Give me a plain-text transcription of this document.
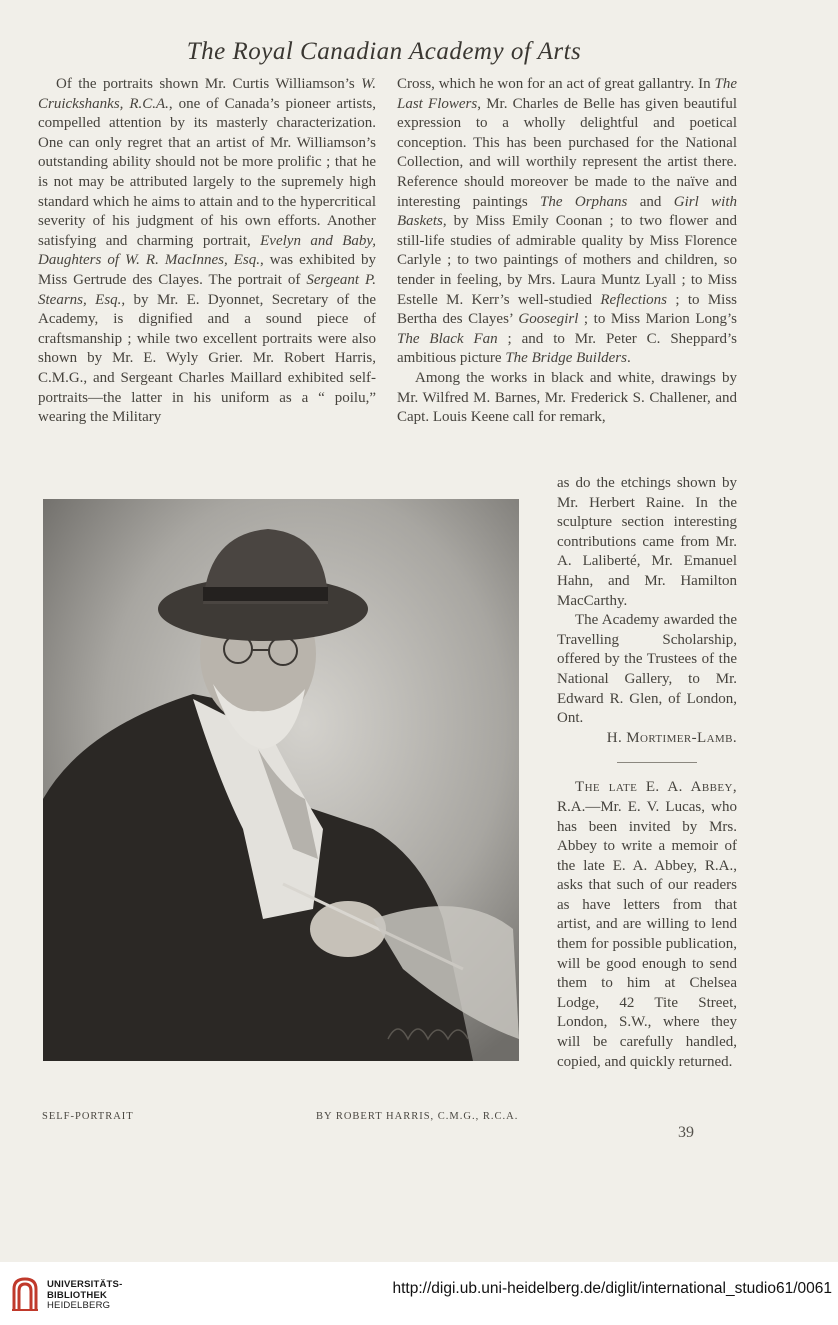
The Royal Canadian Academy of Arts

Of the portraits shown Mr. Curtis Williamson’s W. Cruickshanks, R.C.A., one of Canada’s pioneer artists, compelled attention by its masterly characterization. One can only regret that an artist of Mr. Williamson’s outstanding ability should not be more prolific ; that he is not may be attributed largely to the supremely high standard which he aims to attain and to the hypercritical severity of his judgment of his own efforts. Another satisfying and charming portrait, Evelyn and Baby, Daughters of W. R. MacInnes, Esq., was exhibited by Miss Gertrude des Clayes. The portrait of Sergeant P. Stearns, Esq., by Mr. E. Dyonnet, Secretary of the Academy, is dignified and a sound piece of craftsmanship ; while two excellent portraits were also shown by Mr. E. Wyly Grier. Mr. Robert Harris, C.M.G., and Sergeant Charles Maillard exhibited self-portraits—the latter in his uniform as a “ poilu,” wearing the Military

Cross, which he won for an act of great gallantry. In The Last Flowers, Mr. Charles de Belle has given beautiful expression to a wholly delightful and poetical conception. This has been purchased for the National Collection, and will worthily represent the artist there. Reference should moreover be made to the naïve and interesting paintings The Orphans and Girl with Baskets, by Miss Emily Coonan ; to two flower and still-life studies of admirable quality by Miss Florence Carlyle ; to two paintings of mothers and children, so tender in feeling, by Mrs. Laura Muntz Lyall ; to Miss Estelle M. Kerr’s well-studied Reflections ; to Miss Bertha des Clayes’ Goosegirl ; to Miss Marion Long’s The Black Fan ; and to Mr. Peter C. Sheppard’s ambitious picture The Bridge Builders.

Among the works in black and white, drawings by Mr. Wilfred M. Barnes, Mr. Frederick S. Challener, and Capt. Louis Keene call for remark,

as do the etchings shown by Mr. Herbert Raine. In the sculpture section interesting contributions came from Mr. A. Laliberté, Mr. Emanuel Hahn, and Mr. Hamilton MacCarthy.

The Academy awarded the Travelling Scholarship, offered by the Trustees of the National Gallery, to Mr. Edward R. Glen, of London, Ont.

H. Mortimer-Lamb.

The late E. A. Abbey, R.A.—Mr. E. V. Lucas, who has been invited by Mrs. Abbey to write a memoir of the late E. A. Abbey, R.A., asks that such of our readers as have letters from that artist, and are willing to lend them for possible publication, will be good enough to send them to him at Chelsea Lodge, 42 Tite Street, London, S.W., where they will be carefully handled, copied, and quickly returned.

SELF-PORTRAIT	BY ROBERT HARRIS, C.M.G., R.C.A.
39
UNIVERSITÄTS-
BIBLIOTHEK
HEIDELBERG
http://digi.ub.uni-heidelberg.de/diglit/international_studio61/0061
